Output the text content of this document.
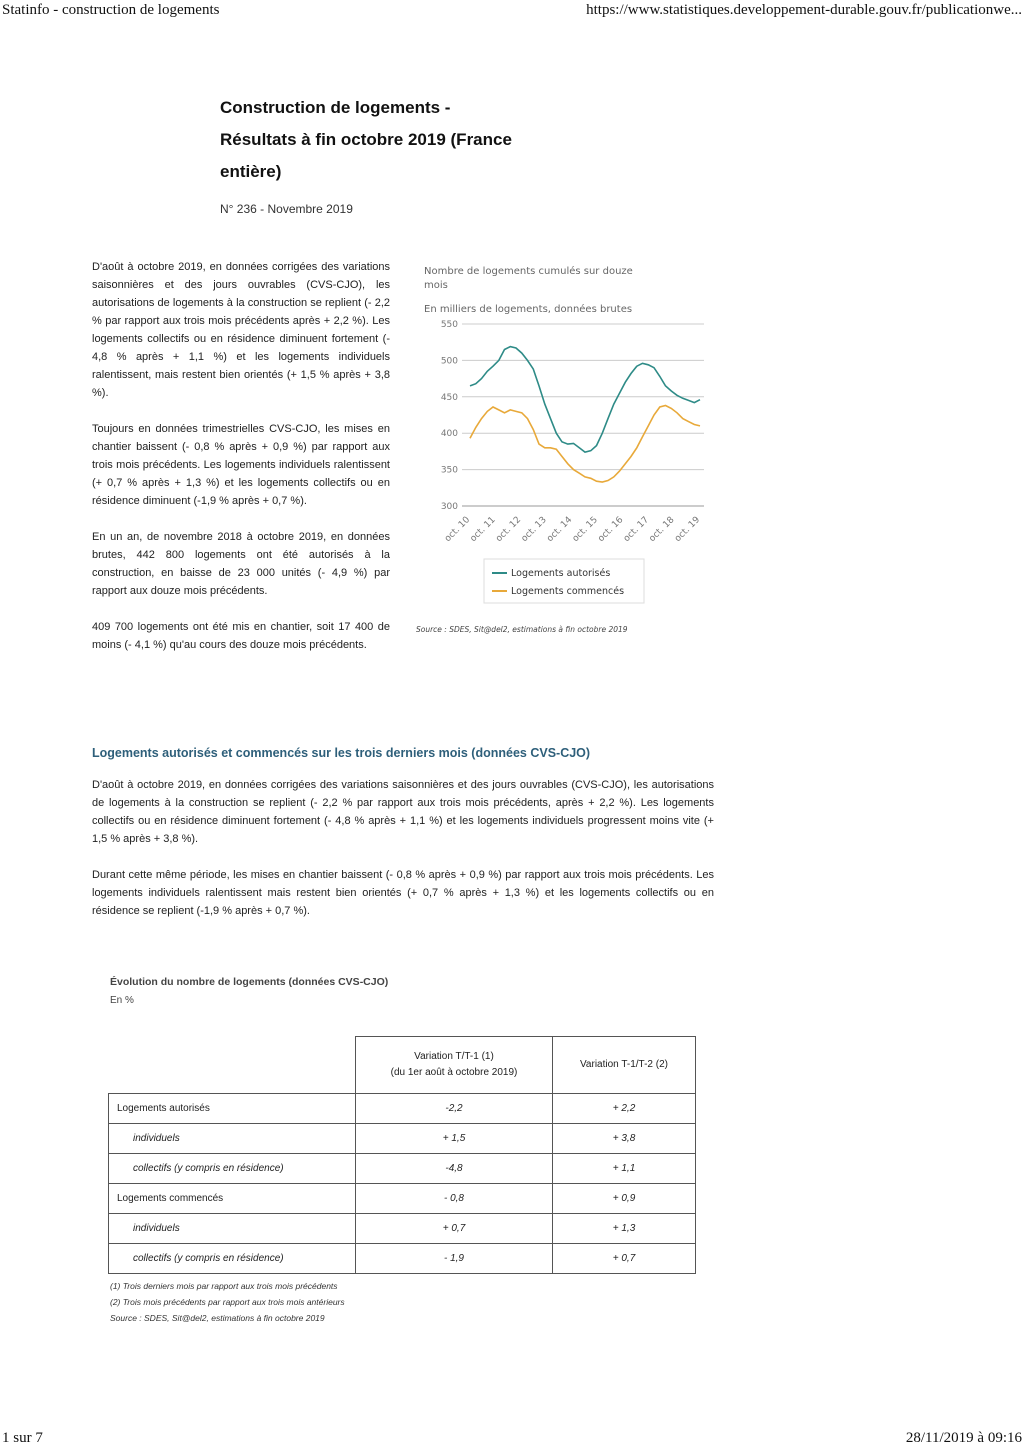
Statinfo - construction de logements	https://www.statistiques.developpement-durable.gouv.fr/publicationwe...
Construction de logements -
Résultats à fin octobre 2019 (France
entière)
N° 236 - Novembre 2019

D'août à octobre 2019, en données corrigées des variations saisonnières et des jours ouvrables (CVS-CJO), les autorisations de logements à la construction se replient (- 2,2 % par rapport aux trois mois précédents après + 2,2 %). Les logements collectifs ou en résidence diminuent fortement (- 4,8 % après + 1,1 %) et les logements individuels ralentissent, mais restent bien orientés (+ 1,5 % après + 3,8 %).

Toujours en données trimestrielles CVS-CJO, les mises en chantier baissent (- 0,8 % après + 0,9 %) par rapport aux trois mois précédents. Les logements individuels ralentissent (+ 0,7 % après + 1,3 %) et les logements collectifs ou en résidence diminuent (-1,9 % après + 0,7 %).

En un an, de novembre 2018 à octobre 2019, en données brutes, 442 800 logements ont été autorisés à la construction, en baisse de 23 000 unités (- 4,9 %) par rapport aux douze mois précédents.

409 700 logements ont été mis en chantier, soit 17 400 de moins (- 4,1 %) qu'au cours des douze mois précédents.

Nombre de logements cumulés sur douze mois
En milliers de logements, données brutes
300
350
400
450
500
550
oct. 10
oct. 11
oct. 12
oct. 13
oct. 14
oct. 15
oct. 16
oct. 17
oct. 18
oct. 19
Logements autorisés
Logements commencés
Source : SDES, Sit@del2, estimations à fin octobre 2019
Logements autorisés et commencés sur les trois derniers mois (données CVS-CJO)

D'août à octobre 2019, en données corrigées des variations saisonnières et des jours ouvrables (CVS-CJO), les autorisations de logements à la construction se replient (- 2,2 % par rapport aux trois mois précédents, après + 2,2 %). Les logements collectifs ou en résidence diminuent fortement (- 4,8 % après + 1,1 %) et les logements individuels progressent moins vite (+ 1,5 % après + 3,8 %).

Durant cette même période, les mises en chantier baissent (- 0,8 % après + 0,9 %) par rapport aux trois mois précédents. Les logements individuels ralentissent mais restent bien orientés (+ 0,7 % après + 1,3 %) et les logements collectifs ou en résidence se replient (-1,9 % après + 0,7 %).

Évolution du nombre de logements (données CVS-CJO)
En %
	Variation T/T-1 (1)
(du 1er août à octobre 2019)	Variation T-1/T-2 (2)
Logements autorisés	-2,2	+ 2,2
individuels	+ 1,5	+ 3,8
collectifs (y compris en résidence)	-4,8	+ 1,1
Logements commencés	- 0,8	+ 0,9
individuels	+ 0,7	+ 1,3
collectifs (y compris en résidence)	- 1,9	+ 0,7
(1) Trois derniers mois par rapport aux trois mois précédents
(2) Trois mois précédents par rapport aux trois mois antérieurs
Source : SDES, Sit@del2, estimations à fin octobre 2019
1 sur 7	28/11/2019 à 09:16
